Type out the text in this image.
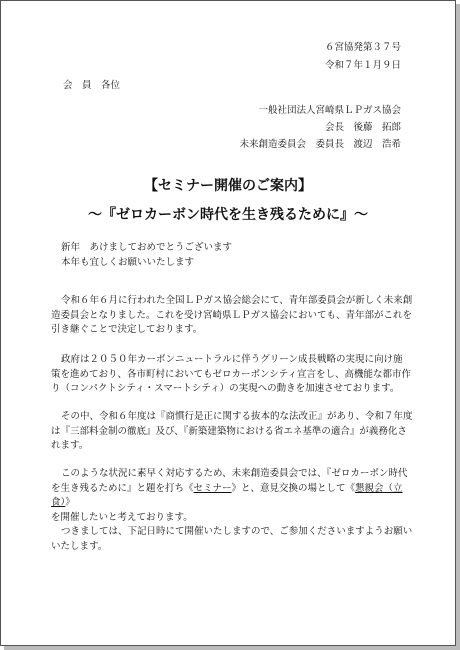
６宮協発第３７号
令和７年１月９日
会　員　各位
一般社団法人宮崎県ＬＰガス協会
会長　後藤　拓郎
未来創造委員会　委員長　渡辺　浩希
【セミナー開催のご案内】
～『ゼロカーボン時代を生き残るために』～

新年　あけましておめでとうございます

本年も宜しくお願いいたします

令和６年６月に行われた全国ＬＰガス協会総会にて、青年部委員会が新しく未来創

造委員会となりました。これを受け宮崎県ＬＰガス協会においても、青年部がこれを

引き継ぐことで決定しております。

政府は２０５０年カーボンニュートラルに伴うグリーン成長戦略の実現に向け施

策を進めており、各市町村においてもゼロカーボンシティ宣言をし、高機能な都市作

り（コンパクトシティ・スマートシティ）の実現への動きを加速させております。

その中、令和６年度は『商慣行是正に関する抜本的な法改正』があり、令和７年度

は『三部料金制の徹底』及び、『新築建築物における省エネ基準の適合』が義務化さ

れます。

このような状況に素早く対応するため、未来創造委員会では、『ゼロカーボン時代

を生き残るために』と題を打ち《セミナー》と、意見交換の場として《懇親会（立食）》

を開催したいと考えております。

つきましては、下記日時にて開催いたしますので、ご参加くださいますようお願い

いたします。
